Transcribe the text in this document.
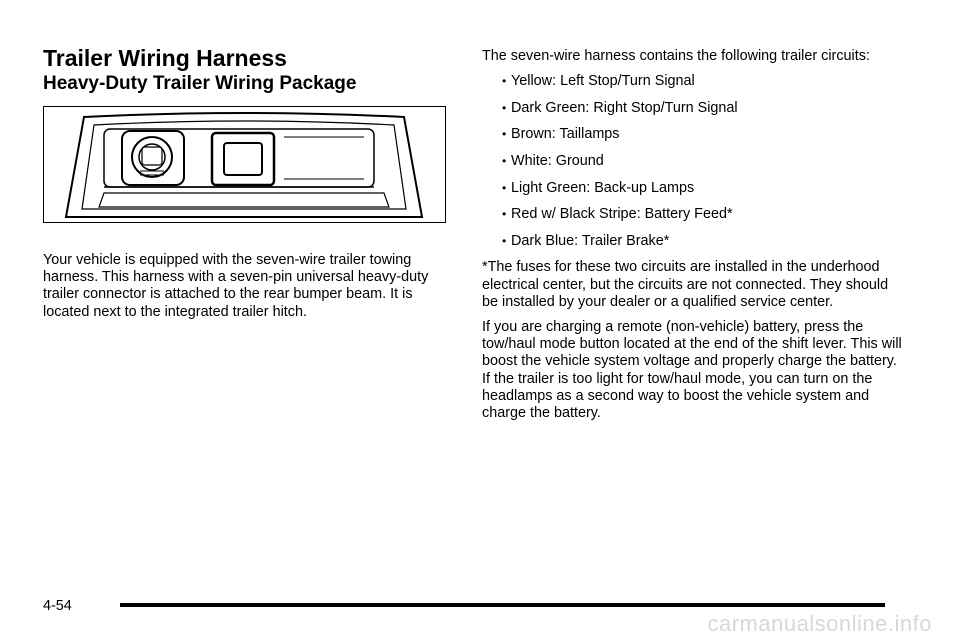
Trailer Wiring Harness
Heavy-Duty Trailer Wiring Package

Your vehicle is equipped with the seven-wire trailer towing harness. This harness with a seven-pin universal heavy-duty trailer connector is attached to the rear bumper beam. It is located next to the integrated trailer hitch.

The seven-wire harness contains the following trailer circuits:

• Yellow: Left Stop/Turn Signal
• Dark Green: Right Stop/Turn Signal
• Brown: Taillamps
• White: Ground
• Light Green: Back-up Lamps
• Red w/ Black Stripe: Battery Feed*
• Dark Blue: Trailer Brake*

*The fuses for these two circuits are installed in the underhood electrical center, but the circuits are not connected. They should be installed by your dealer or a qualified service center.

If you are charging a remote (non-vehicle) battery, press the tow/haul mode button located at the end of the shift lever. This will boost the vehicle system voltage and properly charge the battery. If the trailer is too light for tow/haul mode, you can turn on the headlamps as a second way to boost the vehicle system and charge the battery.

4-54
carmanualsonline.info
